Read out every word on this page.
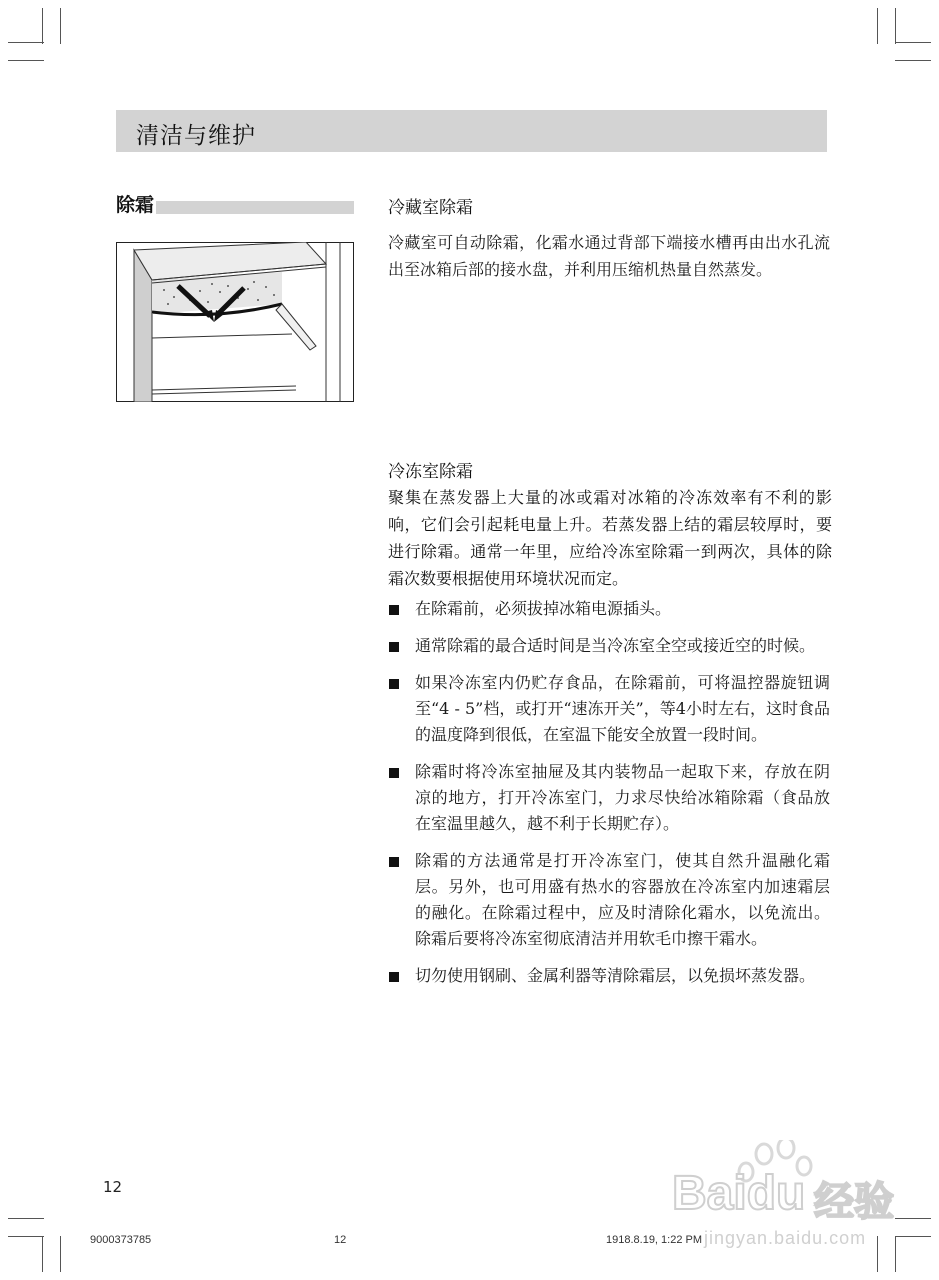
清洁与维护
除霜	冷藏室除霜
冷藏室可自动除霜，化霜水通过背部下端接水槽再由出水孔流出至冰箱后部的接水盘，并利用压缩机热量自然蒸发。
冷冻室除霜
聚集在蒸发器上大量的冰或霜对冰箱的冷冻效率有不利的影响，它们会引起耗电量上升。若蒸发器上结的霜层较厚时，要进行除霜。通常一年里，应给冷冻室除霜一到两次，具体的除霜次数要根据使用环境状况而定。
在除霜前，必须拔掉冰箱电源插头。
通常除霜的最合适时间是当冷冻室全空或接近空的时候。
如果冷冻室内仍贮存食品，在除霜前，可将温控器旋钮调至“4 - 5”档，或打开“速冻开关”，等4小时左右，这时食品的温度降到很低，在室温下能安全放置一段时间。
除霜时将冷冻室抽屉及其内装物品一起取下来，存放在阴凉的地方，打开冷冻室门，力求尽快给冰箱除霜（食品放在室温里越久，越不利于长期贮存）。
除霜的方法通常是打开冷冻室门，使其自然升温融化霜层。另外，也可用盛有热水的容器放在冷冻室内加速霜层的融化。在除霜过程中，应及时清除化霜水，以免流出。除霜后要将冷冻室彻底清洁并用软毛巾擦干霜水。
切勿使用钢刷、金属利器等清除霜层，以免损坏蒸发器。
12
9000373785	12	1918.8.19, 1:22 PM
Baidu 经验
jingyan.baidu.com
